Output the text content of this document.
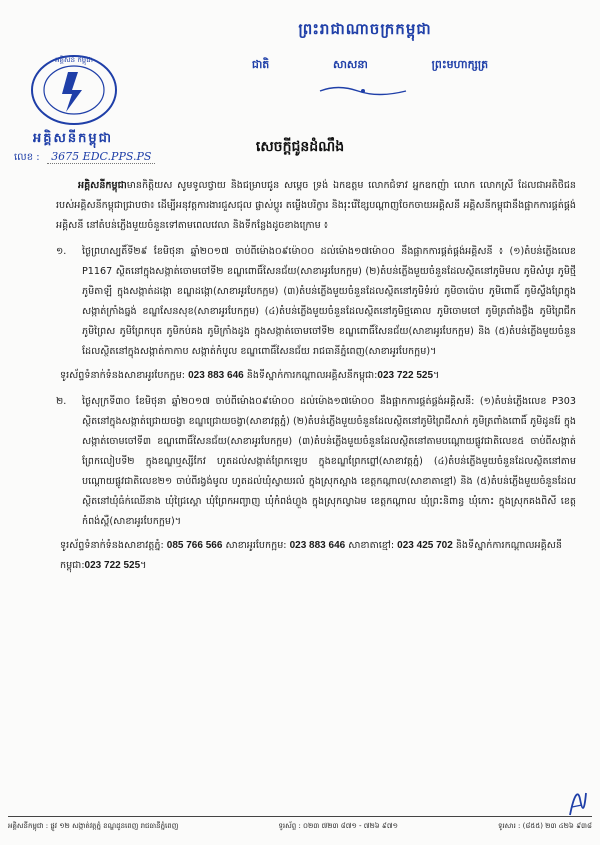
ព្រះរាជាណាចក្រកម្ពុជា
ជាតិ	សាសនា	ព្រះមហាក្សត្រ
អគ្គិសនី កម្ពុជា
អគ្គិសនីកម្ពុជា
លេខ : 3675 EDC.PPS.PS
សេចក្តីជូនដំណឹង

អគ្គិសនីកម្ពុជាមានកិត្តិយស សូមទូលថ្វាយ និងជម្រាបជូន សម្តេច ទ្រង់ ឯកឧត្តម លោកជំទាវ អ្នកឧកញ៉ា លោក លោកស្រី ដែលជាអតិថិជនរបស់អគ្គិសនីកម្ពុជាជ្រាបថា៖ ដើម្បីអនុវត្តការងារជួសជុល ផ្លាស់ប្តូរ តម្លើងបរិក្ខារ និងរុះរើខ្សែបណ្តាញចែកចាយអគ្គិសនី អគ្គិសនីកម្ពុជានឹងផ្អាកការផ្គត់ផ្គង់អគ្គិសនី នៅតំបន់ភ្លើងមួយចំនួនទៅតាមពេលវេលា និងទីកន្លែងដូចខាងក្រោម ៖

១. ថ្ងៃព្រហស្បតិ៍ទី២៩ ខែមិថុនា ឆ្នាំ២០១៧ ចាប់ពីម៉ោង០៩ម៉ោ០០ ដល់ម៉ោង១៧ម៉ោ០០ នឹងផ្អាកការផ្គត់ផ្គង់អគ្គិសនី ៖ (១)តំបន់ភ្លើងលេខ P1167 ស្ថិតនៅក្នុងសង្កាត់ចោមចៅទី២ ខណ្ឌពោធិ៍សែនជ័យ(សាខាអូរបែកក្អម) (២)តំបន់ភ្លើងមួយចំនួនដែលស្ថិតនៅភូមិមល ភូមិសំបូរ ភូមិថ្មី ភូមិតាឡី ក្នុងសង្កាត់ដង្កោ ខណ្ឌដង្កោ(សាខាអូរបែកក្អម) (៣)តំបន់ភ្លើងមួយចំនួនដែលស្ថិតនៅភូមិទំរប់ ភូមិចាប៉ោប ភូមិពោធិ៍ ភូមិស្ទឹងព្រែក្នុងសង្កាត់ក្រាំងធ្នង់ ខណ្ឌសែនសុខ(សាខាអូរបែកក្អម) (៤)តំបន់ភ្លើងមួយចំនួនដែលស្ថិតនៅភូមិថ្មគោល ភូមិចោមចៅ ភូមិត្រពាំងថ្លឹង ភូមិព្រៃជីក ភូមិព្រៃស ភូមិព្រែកបុត ភូមិកប់គង ភូមិក្រាំងដូង ក្នុងសង្កាត់ចោមចៅទី២ ខណ្ឌពោធិ៍សែនជ័យ(សាខាអូរបែកក្អម) និង (៥)តំបន់ភ្លើងមួយចំនួនដែលស្ថិតនៅក្នុងសង្កាត់កាកាប សង្កាត់កំបូល ខណ្ឌពោធិ៍សែនជ័យ រាជធានីភ្នំពេញ(សាខាអូរបែកក្អម)។

ទូរស័ព្ទទំនាក់ទំនងសាខាអូរបែកក្អម: 023 883 646 និងទីស្នាក់ការកណ្តាលអគ្គិសនីកម្ពុជា:023 722 525។

២. ថ្ងៃសុក្រទី៣០ ខែមិថុនា ឆ្នាំ២០១៧ ចាប់ពីម៉ោង០៩ម៉ោ០០ ដល់ម៉ោង១៧ម៉ោ០០ នឹងផ្អាកការផ្គត់ផ្គង់អគ្គិសនី: (១)តំបន់ភ្លើងលេខ P303 ស្ថិតនៅក្នុងសង្កាត់ជ្រោយចង្វា ខណ្ឌជ្រោយចង្វា(សាខាវត្តភ្នំ) (២)តំបន់ភ្លើងមួយចំនួនដែលស្ថិតនៅភូមិព្រៃជីសាក់ ភូមិត្រពាំងពោធិ៍ ភូមិដូនរ៉ែ ក្នុងសង្កាត់ចោមចៅទី៣ ខណ្ឌពោធិ៍សែនជ័យ(សាខាអូរបែកក្អម) (៣)តំបន់ភ្លើងមួយចំនួនដែលស្ថិតនៅតាមបណ្តោយផ្លូវជាតិលេខ៥ ចាប់ពីសង្កាត់ព្រែកលៀបទី២ ក្នុងខណ្ឌឬស្សីកែវ ហូតដល់សង្កាត់ព្រែកឡេប ក្នុងខណ្ឌព្រែកព្នៅ(សាខាវត្តភ្នំ) (៤)តំបន់ភ្លើងមួយចំនួនដែលស្ថិតនៅតាមបណ្តោយផ្លូវជាតិលេខ២១ ចាប់ពីរង្វង់មូល ហូតដល់ឃុំស្វាយរលំ ក្នុងស្រុកស្អាង ខេត្តកណ្តាល(សាខាតាខ្មៅ) និង (៥)តំបន់ភ្លើងមួយចំនួនដែលស្ថិតនៅឃុំធំក់ឈើនាង ឃុំជ្រៃស្គោ ឃុំព្រែកអញ្ចាញ ឃុំកំពង់ហ្លួង ក្នុងស្រុកល្វាឯម ខេត្តកណ្តាល ឃុំព្រះនិពាន្ធ ឃុំកោះ ក្នុងស្រុកគងពិសី ខេត្តកំពង់ស្ពឺ(សាខាអូរបែកក្អម)។

ទូរស័ព្ទទំនាក់ទំនងសាខាវត្តភ្នំ: 085 766 566 សាខាអូរបែកក្អម: 023 883 646 សាខាតាខ្មៅ: 023 425 702 និងទីស្នាក់ការកណ្តាលអគ្គិសនីកម្ពុជា:023 722 525។

អគ្គិសនីកម្ពុជា : ផ្លូវ ១២ សង្កាត់វត្តភ្នំ ខណ្ឌដូនពេញ រាជធានីភ្នំពេញ	ទូរស័ព្ទ : ០២៣ ៧២៣ ៨៧១ - ៧២៦ ៩៧១	ទូរសារ : (៨៥៥) ២៣ ៤២៦ ៩៣៨
